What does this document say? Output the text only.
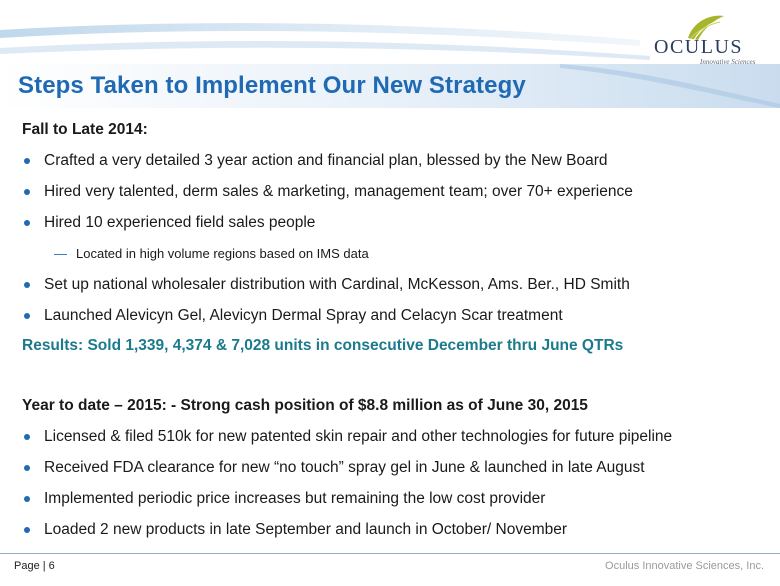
Steps Taken to Implement Our New Strategy
OCULUS
Innovative Sciences

Fall to Late 2014:

Crafted a very detailed 3 year action and financial plan, blessed by the New Board
Hired very talented, derm sales & marketing, management team; over 70+ experience
Hired 10 experienced field sales people
— Located in high volume regions based on IMS data
Set up national wholesaler distribution with Cardinal, McKesson, Ams. Ber., HD Smith
Launched Alevicyn Gel, Alevicyn Dermal Spray and Celacyn Scar treatment
Results: Sold 1,339, 4,374 & 7,028 units in consecutive December thru June QTRs

Year to date – 2015: - Strong cash position of $8.8 million as of June 30, 2015

Licensed & filed 510k for new patented skin repair and other technologies for future pipeline
Received FDA clearance for new “no touch” spray gel in June & launched in late August
Implemented periodic price increases but remaining the low cost provider
Loaded 2 new products in late September and launch in October/ November
Page | 6	Oculus Innovative Sciences, Inc.
